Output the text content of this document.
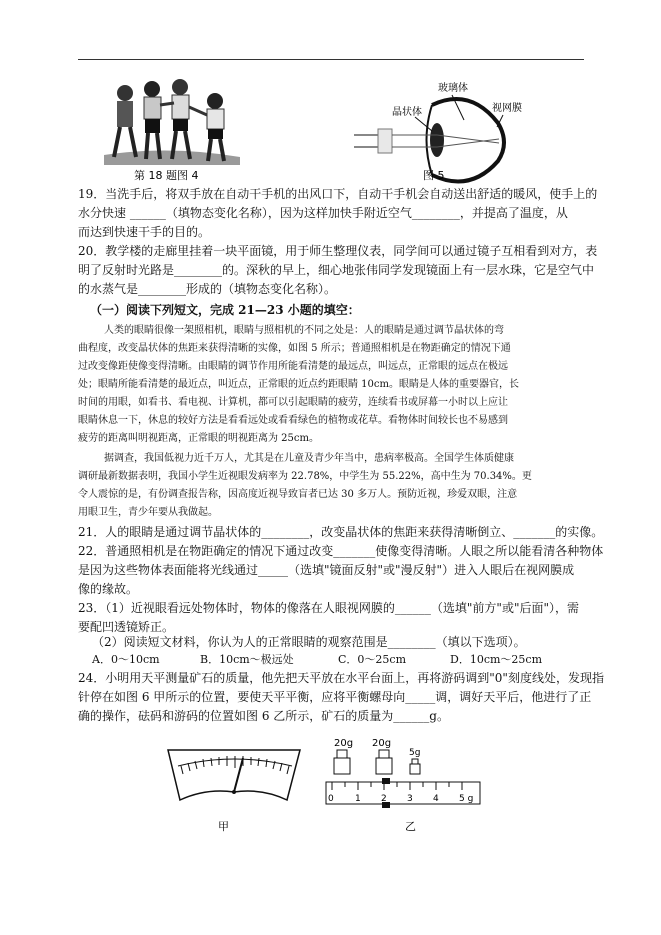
第 18 题图 4
玻璃体
晶状体	视网膜
图 5
19．当洗手后，将双手放在自动干手机的出风口下，自动干手机会自动送出舒适的暖风，使手上的
水分快速 ______（填物态变化名称），因为这样加快手附近空气________，并提高了温度，从
而达到快速干手的目的。
20．教学楼的走廊里挂着一块平面镜，用于师生整理仪表，同学间可以通过镜子互相看到对方，表
明了反射时光路是________的。深秋的早上，细心地张伟同学发现镜面上有一层水珠，它是空气中
的水蒸气是________形成的（填物态变化名称）。
（一）阅读下列短文，完成 21—23 小题的填空：
人类的眼睛很像一架照相机，眼睛与照相机的不同之处是：人的眼睛是通过调节晶状体的弯
曲程度，改变晶状体的焦距来获得清晰的实像，如图 5 所示；普通照相机是在物距确定的情况下通
过改变像距使像变得清晰。由眼睛的调节作用所能看清楚的最远点，叫远点，正常眼的远点在极远
处；眼睛所能看清楚的最近点，叫近点，正常眼的近点约距眼睛 10cm。眼睛是人体的重要器官，长
时间的用眼，如看书、看电视、计算机，都可以引起眼睛的疲劳，连续看书或屏幕一小时以上应让
眼睛休息一下，休息的较好方法是看看远处或看看绿色的植物或花草。看物体时间较长也不易感到
疲劳的距离叫明视距离，正常眼的明视距离为 25cm。
据调查，我国低视力近千万人，尤其是在儿童及青少年当中，患病率极高。全国学生体质健康
调研最新数据表明，我国小学生近视眼发病率为 22.78%，中学生为 55.22%，高中生为 70.34%。更
令人震惊的是，有份调查报告称，因高度近视导致盲者已达 30 多万人。预防近视，珍爱双眼，注意
用眼卫生，青少年要从我做起。
21．人的眼睛是通过调节晶状体的________，改变晶状体的焦距来获得清晰倒立、_______的实像。
22．普通照相机是在物距确定的情况下通过改变_______使像变得清晰。人眼之所以能看清各种物体
是因为这些物体表面能将光线通过_____（选填"镜面反射"或"漫反射"）进入人眼后在视网膜成
像的缘故。
23．（1）近视眼看远处物体时，物体的像落在人眼视网膜的______（选填"前方"或"后面"），需
要配凹透镜矫正。
（2）阅读短文材料，你认为人的正常眼睛的观察范围是________（填以下选项）。
A．0～10cm	B．10cm～极远处	C．0～25cm	D．10cm～25cm
24．小明用天平测量矿石的质量，他先把天平放在水平台面上，再将游码调到"0"刻度线处，发现指
针停在如图 6 甲所示的位置，要使天平平衡，应将平衡螺母向_____调，调好天平后，他进行了正
确的操作，砝码和游码的位置如图 6 乙所示，矿石的质量为______g。
甲
20g 20g
5g
0 1 2 3 4 5 g
乙
